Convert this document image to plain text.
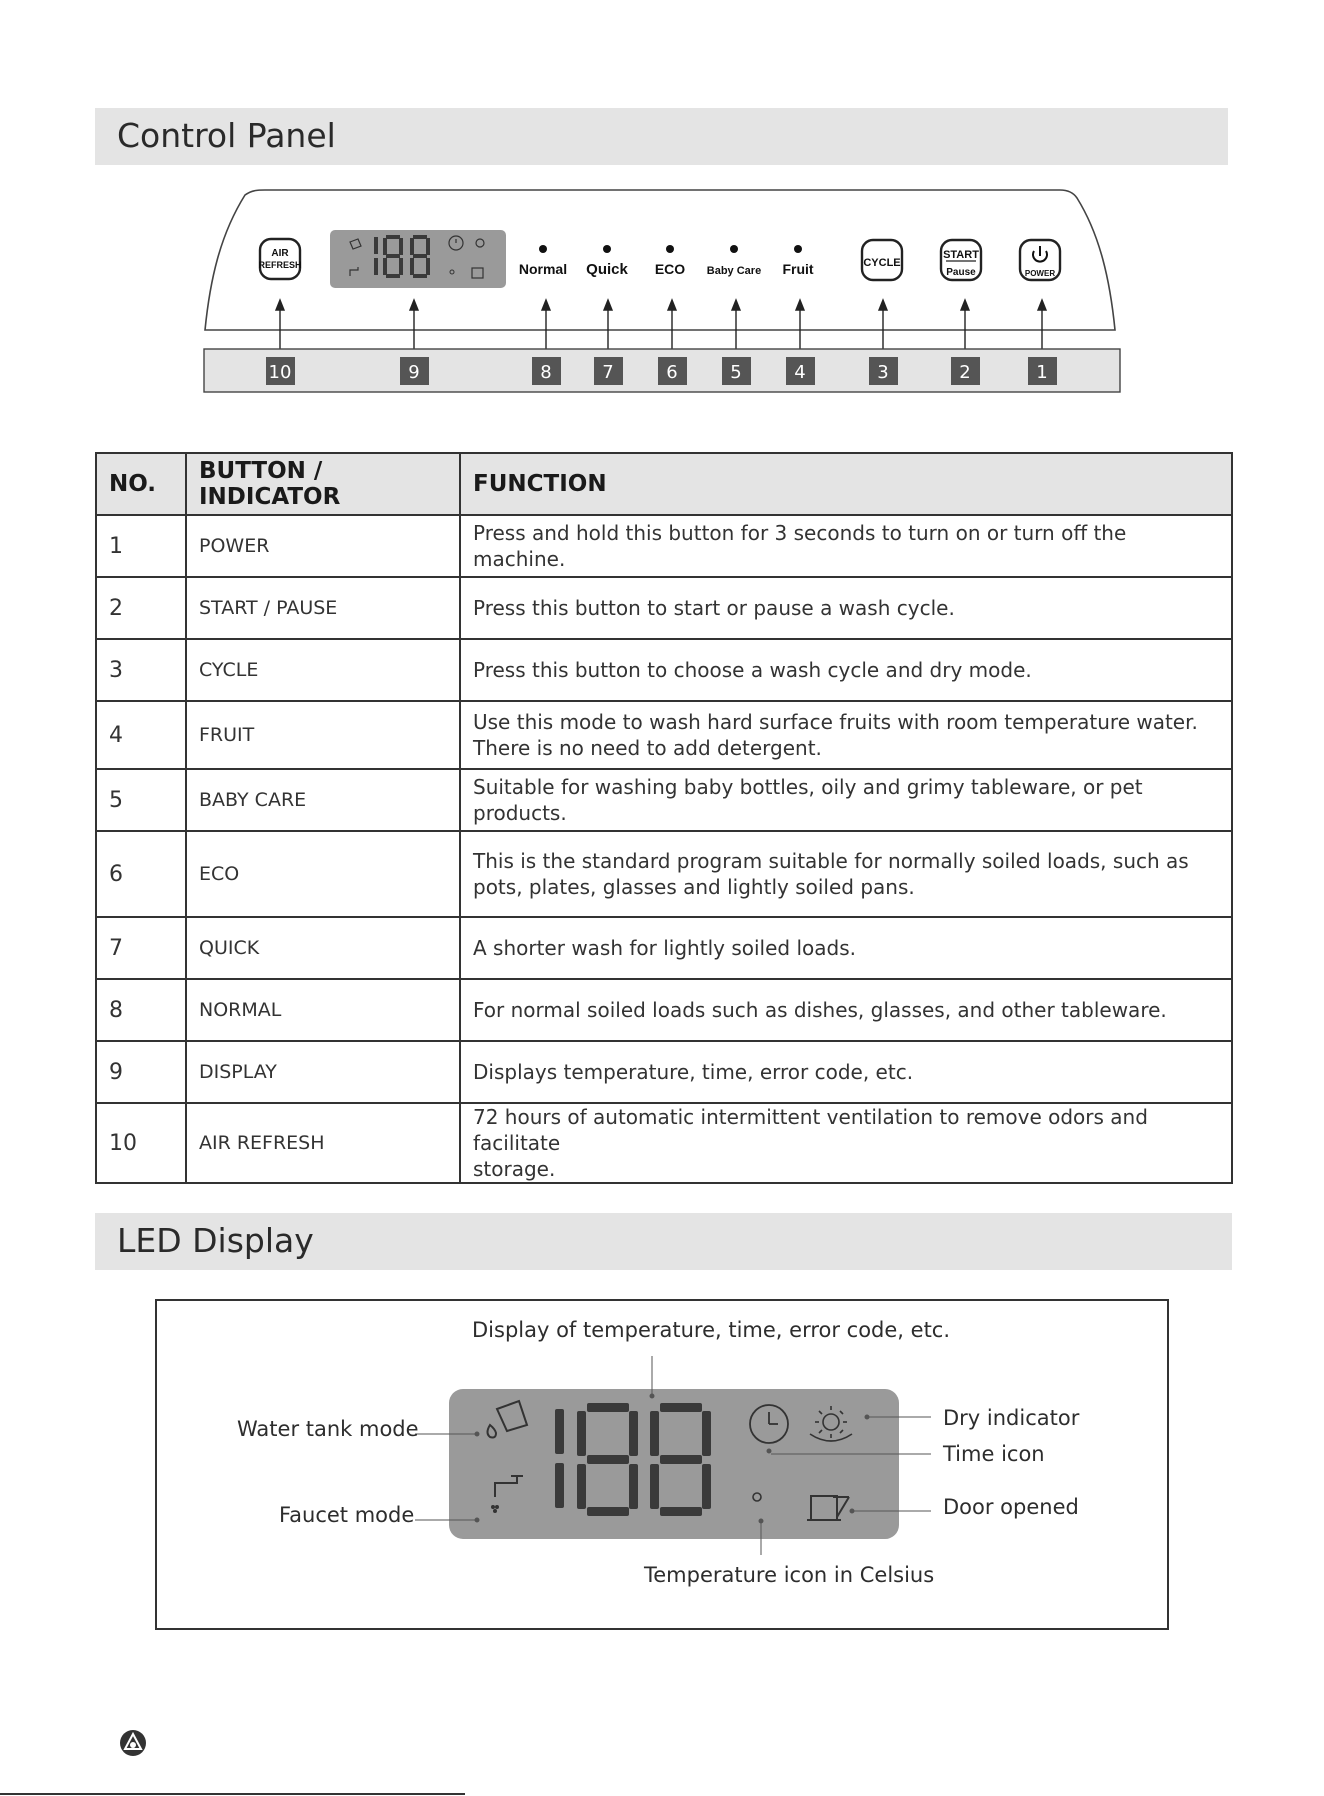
Control Panel
AIR
REFRESH	Normal Quick ECO Baby Care Fruit	CYCLE
START
Pause	POWER
10	9	8	7	6	5	4	3	2	1
NO.	BUTTON / INDICATOR	FUNCTION
1	POWER	Press and hold this button for 3 seconds to turn on or turn off the machine.
2	START / PAUSE	Press this button to start or pause a wash cycle.
3	CYCLE	Press this button to choose a wash cycle and dry mode.
4	FRUIT	Use this mode to wash hard surface fruits with room temperature water.
There is no need to add detergent.
5	BABY CARE	Suitable for washing baby bottles, oily and grimy tableware, or pet products.
6	ECO	This is the standard program suitable for normally soiled loads, such as
pots, plates, glasses and lightly soiled pans.
7	QUICK	A shorter wash for lightly soiled loads.
8	NORMAL	For normal soiled loads such as dishes, glasses, and other tableware.
9	DISPLAY	Displays temperature, time, error code, etc.
10	AIR REFRESH	72 hours of automatic intermittent ventilation to remove odors and facilitate
storage.
LED Display
Display of temperature, time, error code, etc.
Water tank mode
Faucet mode
Dry indicator
Time icon
Door opened
Temperature icon in Celsius
